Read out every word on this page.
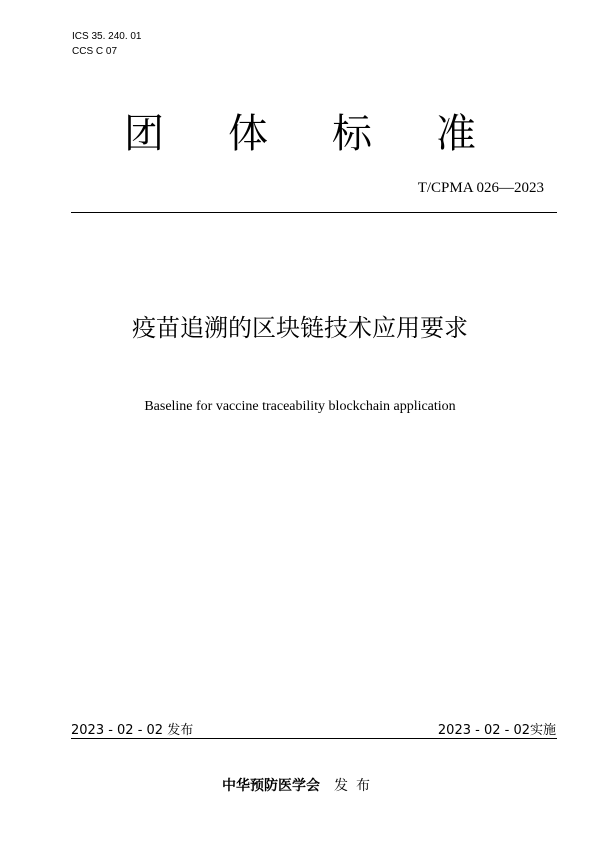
ICS 35. 240. 01
CCS C 07
团体标准
T/CPMA 026—2023
疫苗追溯的区块链技术应用要求
Baseline for vaccine traceability blockchain application
2023 - 02 - 02 发布	2023 - 02 - 02实施
中华预防医学会 发布
